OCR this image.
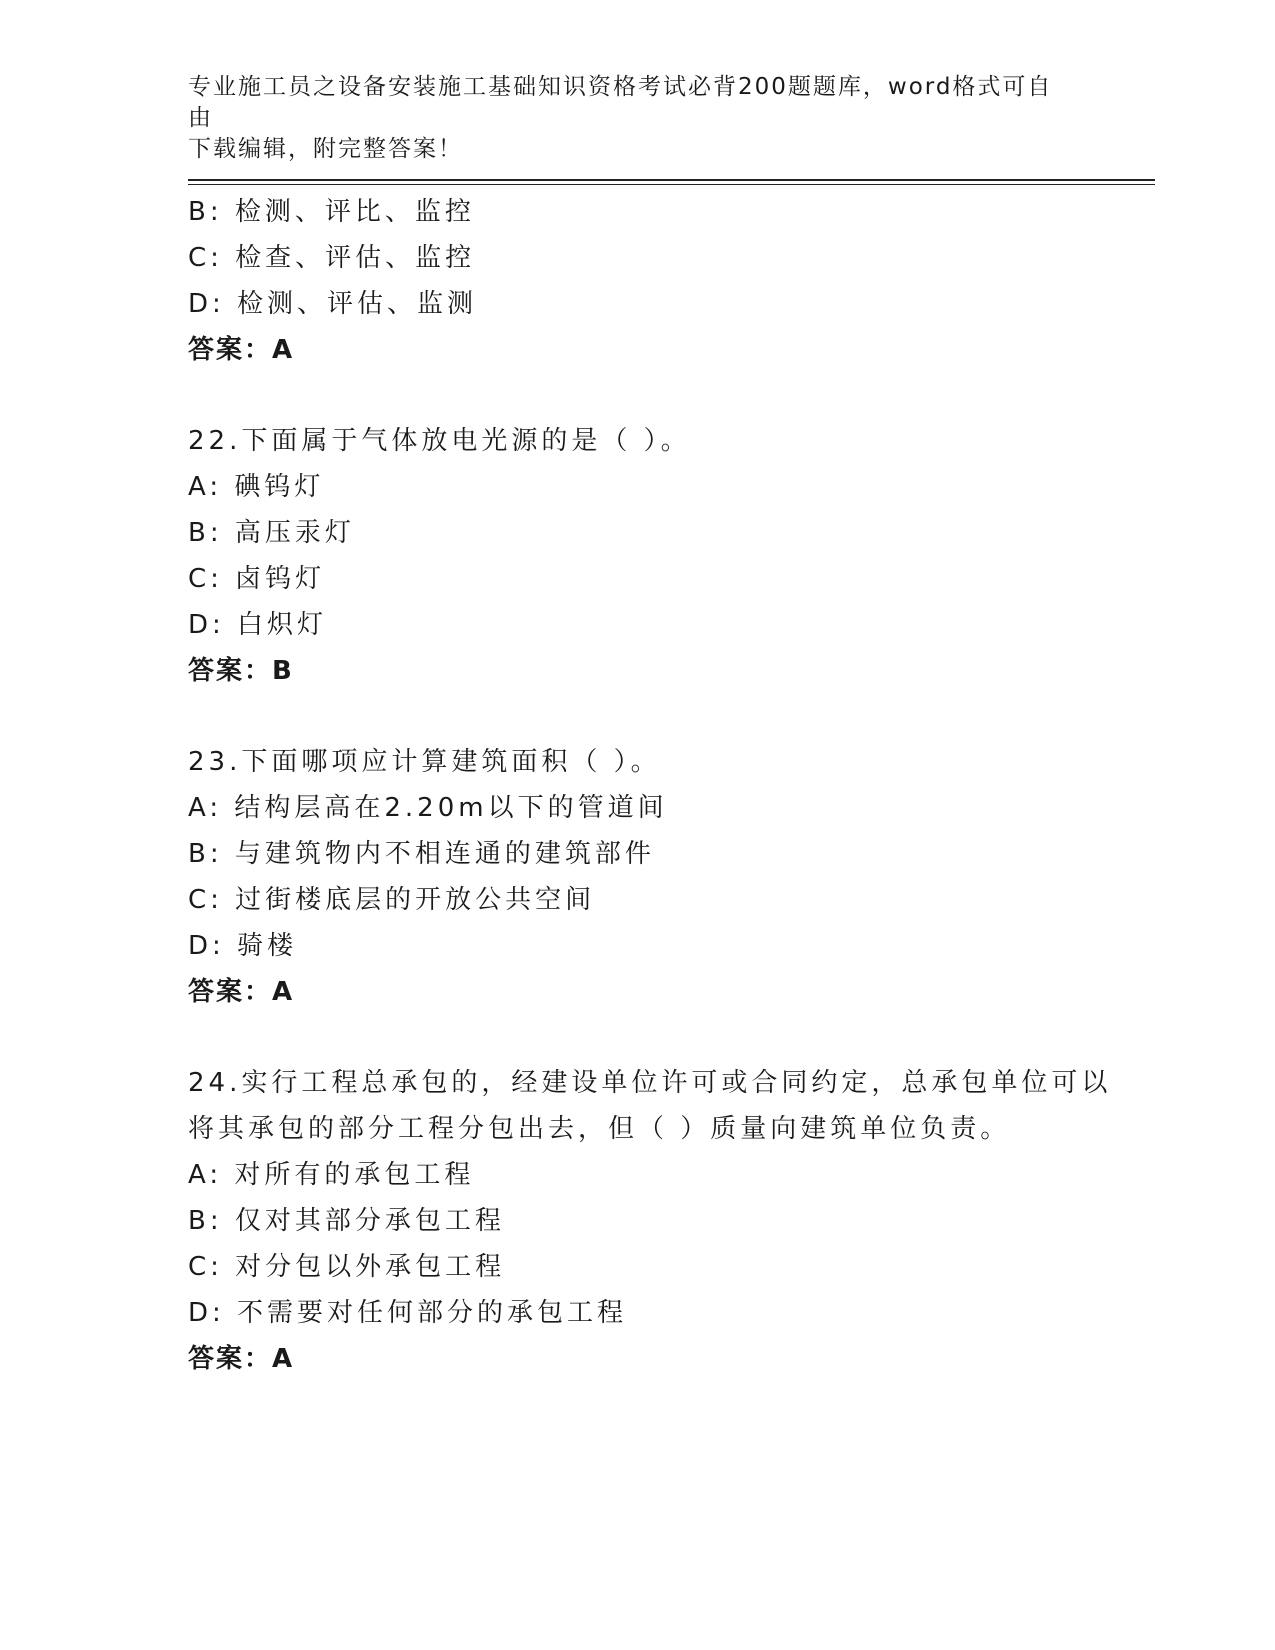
专业施工员之设备安装施工基础知识资格考试必背200题题库，word格式可自由
下载编辑，附完整答案！
B: 检测、评比、监控
C: 检查、评估、监控
D: 检测、评估、监测
答案：A
22.下面属于气体放电光源的是（ ）。
A: 碘钨灯
B: 高压汞灯
C: 卤钨灯
D: 白炽灯
答案：B
23.下面哪项应计算建筑面积（ ）。
A: 结构层高在2.20m以下的管道间
B: 与建筑物内不相连通的建筑部件
C: 过街楼底层的开放公共空间
D: 骑楼
答案：A
24.实行工程总承包的，经建设单位许可或合同约定，总承包单位可以
将其承包的部分工程分包出去，但（ ）质量向建筑单位负责。
A: 对所有的承包工程
B: 仅对其部分承包工程
C: 对分包以外承包工程
D: 不需要对任何部分的承包工程
答案：A
